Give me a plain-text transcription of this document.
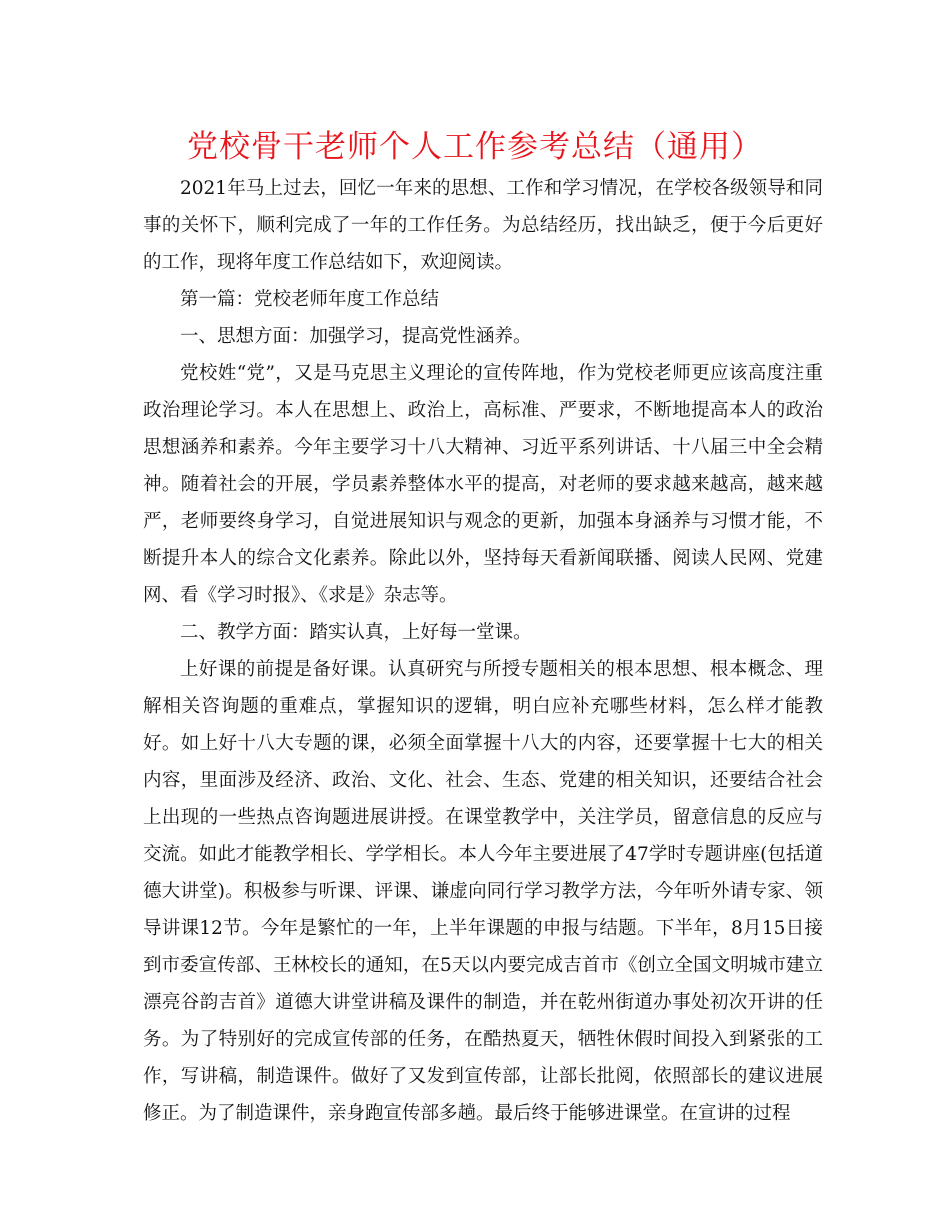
党校骨干老师个人工作参考总结（通用）

2021年马上过去，回忆一年来的思想、工作和学习情况，在学校各级领导和同事的关怀下，顺利完成了一年的工作任务。为总结经历，找出缺乏，便于今后更好的工作，现将年度工作总结如下，欢迎阅读。

第一篇：党校老师年度工作总结

一、思想方面：加强学习，提高党性涵养。

党校姓“党”，又是马克思主义理论的宣传阵地，作为党校老师更应该高度注重政治理论学习。本人在思想上、政治上，高标准、严要求，不断地提高本人的政治思想涵养和素养。今年主要学习十八大精神、习近平系列讲话、十八届三中全会精神。随着社会的开展，学员素养整体水平的提高，对老师的要求越来越高，越来越严，老师要终身学习，自觉进展知识与观念的更新，加强本身涵养与习惯才能，不断提升本人的综合文化素养。除此以外，坚持每天看新闻联播、阅读人民网、党建网、看《学习时报》、《求是》杂志等。

二、教学方面：踏实认真，上好每一堂课。

上好课的前提是备好课。认真研究与所授专题相关的根本思想、根本概念、理解相关咨询题的重难点，掌握知识的逻辑，明白应补充哪些材料，怎么样才能教好。如上好十八大专题的课，必须全面掌握十八大的内容，还要掌握十七大的相关内容，里面涉及经济、政治、文化、社会、生态、党建的相关知识，还要结合社会上出现的一些热点咨询题进展讲授。在课堂教学中，关注学员，留意信息的反应与交流。如此才能教学相长、学学相长。本人今年主要进展了47学时专题讲座(包括道德大讲堂)。积极参与听课、评课、谦虚向同行学习教学方法，今年听外请专家、领导讲课12节。今年是繁忙的一年，上半年课题的申报与结题。下半年，8月15日接到市委宣传部、王林校长的通知，在5天以内要完成吉首市《创立全国文明城市建立漂亮谷韵吉首》道德大讲堂讲稿及课件的制造，并在乾州街道办事处初次开讲的任务。为了特别好的完成宣传部的任务，在酷热夏天，牺牲休假时间投入到紧张的工作，写讲稿，制造课件。做好了又发到宣传部，让部长批阅，依照部长的建议进展修正。为了制造课件，亲身跑宣传部多趟。最后终于能够进课堂。在宣讲的过程
